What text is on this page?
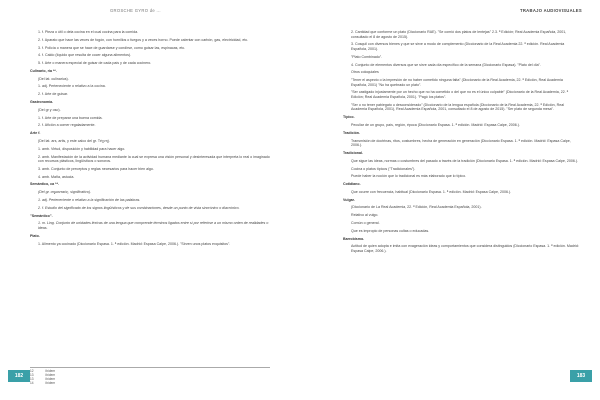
GROSCHE GYRO de ...

1. f. Pieza o útil o dela cocina en el cual cocina para la comida.

2. f. Aparato que hace las veces de fogón, con hornillos o fuegos y a veces horno. Puede calentar con carbón, gas, electricidad, etc.

3. f. Policía o manera que se hace de guardarse y condirse, como guisar las, espinacas, etc.

4. f. Caldo (líquido que resulta de cocer alguna alimentos).

5. f. Arte o manera especial de guisar de cada país y de cada cocinero.

Culinario, ria **.

(Del lat. culinarius).

1. adj. Perteneciente o relativo a la cocina.

2. f. Arte de guisar.

Gastronomía.

(Del gr y oso).

1. f. Arte de preparar una buena comida.

2. f. Afición a comer regaladamente.

Arte f.

(Del lat. ars, artis, y este calco del gr. Téχνη).

1. amb. Virtud, disposición y habilidad para hacer algo.

2. amb. Manifestación de la actividad humana mediante la cual se expresa una visión personal y desinteresada que interpreta lo real o imaginado con recursos plásticos, lingüísticos o sonoros.

3. amb. Conjunto de preceptos y reglas necesarios para hacer bien algo.

4. amb. Maña, astucia.

Semántico, ca **.

(Del gr. σημαντικός, significativo).

1. adj. Perteneciente o relativo a la significación de las palabras.

2. f. Estudio del significado de los signos lingüísticos y de sus combinaciones, desde un punto de vista sincrónico o diacrónico.

"Semántico".

1. m. Ling. Conjunto de unidades léxicas de una lengua que comprende términos ligados entre sí por referirse a un mismo orden de realidades o ideas.

Plato.

1. Alimento ya cocinado (Diccionario Espasa. 1. ª edición. Madrid: Espasa Calpe, 2006.). "Sirven unos platos exquisitos".

12	ibídem
13	ibídem
13	ibídem
14	ibídem
182
TRABAJO AUDIOVISUALES

2. Cantidad que conforme un plato (Diccionario RAE). "Se comió dos platos de lentejas" 2.3. ª Edición; Real Academia Española, 2001, consultado el 8 de agosto de 2015).

3. Cosquil con diversos bienes y que se sirve a modo de complemento (Diccionario de la Real Academia 22. ª edición. Real Academia Española, 2001).

"Plato Combinado".

4. Conjunto de elementos diversos que se sirve cada día específico de la semana (Diccionario Espasa). "Plato del día".

Otros coloquiales

"Tener el aspecto o la impresión de no haber cometido ninguna falta" (Diccionario de la Real Academia, 22. ª Edición, Real Academia Española, 2001) "No ha quebrado un plato".

"Ser castigado injustamente por un hecho que no ha cometido o del que no es el único culpable" (Diccionario de la Real Academia, 22. ª Edición; Real Academia Española, 2001). "Pagó los platos".

"Ser o no tener pabiegato u desconsiderado" (Diccionario de la lengua española (Diccionario de la Real Academia, 22. ª Edición, Real Academia Española, 2001), Real Academia Española, 2001, consultado el 8 de agosto de 2015). "Ser plato de segunda mesa".

Típico.

Peculiar de un grupo, país, región, época (Diccionario Espasa. 1. ª edición. Madrid: Espasa Calpe, 2006.).

Tradición.

Transmisión de doctrinas, ritos, costumbres, hecha de generación en generación (Diccionario Espasa. 1. ª edición. Madrid: Espasa Calpe, 2006.).

Tradicional.

Que sigue las ideas, normas o costumbres del pasado a través de la tradición (Diccionario Espasa. 1. ª edición. Madrid: Espasa Calpe, 2006.).

Cocina o platos típicos ("Tradicionales").

Puede haber la noción que lo tradicional es más elaborado que lo típico.

Cotidiano.

Que ocurre con frecuencia, habitual (Diccionario Espasa. 1. ª edición. Madrid: Espasa Calpe, 2006.).

Vulgar.

(Diccionario de La Real Academia, 22. ª Edición, Real Academia Española, 2001).

Relativo al vulgo.

Común o general.

Que es impropio de personas cultas o educadas.

Barrobismo.

Actitud de quien adopta e imita con exageración ideas y comportamientos que considera distinguidos (Diccionario Espasa. 1. ª edición. Madrid: Espasa Calpe, 2006.).

183
